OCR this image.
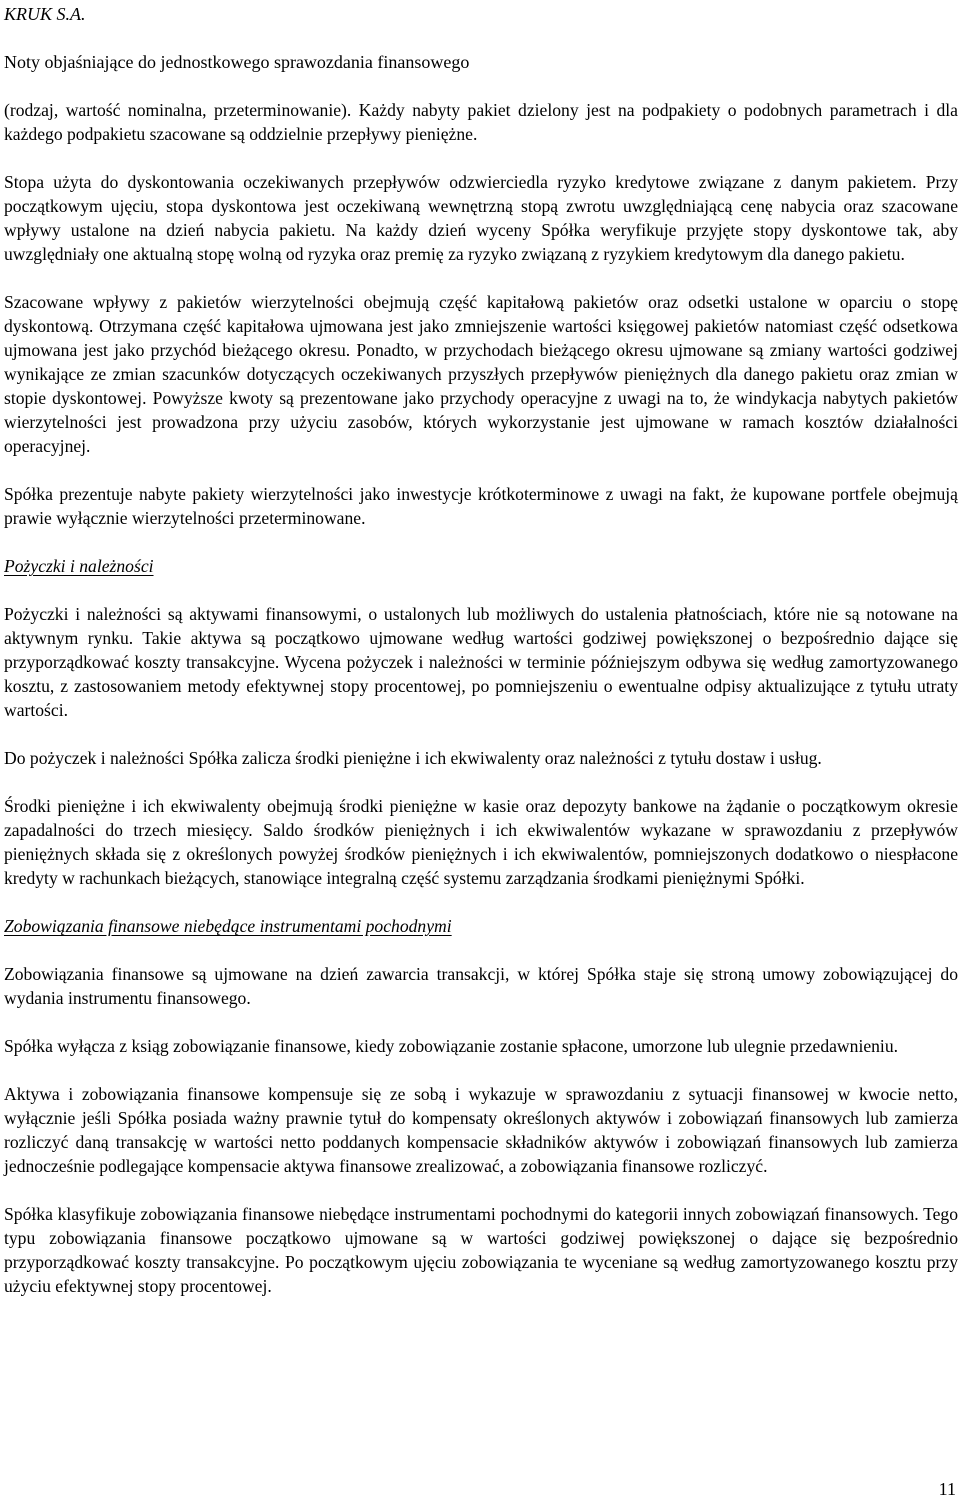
KRUK S.A.
Noty objaśniające do jednostkowego sprawozdania finansowego

(rodzaj, wartość nominalna, przeterminowanie). Każdy nabyty pakiet dzielony jest na podpakiety o podobnych parametrach i dla każdego podpakietu szacowane są oddzielnie przepływy pieniężne.

Stopa użyta do dyskontowania oczekiwanych przepływów odzwierciedla ryzyko kredytowe związane z danym pakietem. Przy początkowym ujęciu, stopa dyskontowa jest oczekiwaną wewnętrzną stopą zwrotu uwzględniającą cenę nabycia oraz szacowane wpływy ustalone na dzień nabycia pakietu. Na każdy dzień wyceny Spółka weryfikuje przyjęte stopy dyskontowe tak, aby uwzględniały one aktualną stopę wolną od ryzyka oraz premię za ryzyko związaną z ryzykiem kredytowym dla danego pakietu.

Szacowane wpływy z pakietów wierzytelności obejmują część kapitałową pakietów oraz odsetki ustalone w oparciu o stopę dyskontową. Otrzymana część kapitałowa ujmowana jest jako zmniejszenie wartości księgowej pakietów natomiast część odsetkowa ujmowana jest jako przychód bieżącego okresu. Ponadto, w przychodach bieżącego okresu ujmowane są zmiany wartości godziwej wynikające ze zmian szacunków dotyczących oczekiwanych przyszłych przepływów pieniężnych dla danego pakietu oraz zmian w stopie dyskontowej. Powyższe kwoty są prezentowane jako przychody operacyjne z uwagi na to, że windykacja nabytych pakietów wierzytelności jest prowadzona przy użyciu zasobów, których wykorzystanie jest ujmowane w ramach kosztów działalności operacyjnej.

Spółka prezentuje nabyte pakiety wierzytelności jako inwestycje krótkoterminowe z uwagi na fakt, że kupowane portfele obejmują prawie wyłącznie wierzytelności przeterminowane.

Pożyczki i należności

Pożyczki i należności są aktywami finansowymi, o ustalonych lub możliwych do ustalenia płatnościach, które nie są notowane na aktywnym rynku. Takie aktywa są początkowo ujmowane według wartości godziwej powiększonej o bezpośrednio dające się przyporządkować koszty transakcyjne. Wycena pożyczek i należności w terminie późniejszym odbywa się według zamortyzowanego kosztu, z zastosowaniem metody efektywnej stopy procentowej, po pomniejszeniu o ewentualne odpisy aktualizujące z tytułu utraty wartości.

Do pożyczek i należności Spółka zalicza środki pieniężne i ich ekwiwalenty oraz należności z tytułu dostaw i usług.

Środki pieniężne i ich ekwiwalenty obejmują środki pieniężne w kasie oraz depozyty bankowe na żądanie o początkowym okresie zapadalności do trzech miesięcy. Saldo środków pieniężnych i ich ekwiwalentów wykazane w sprawozdaniu z przepływów pieniężnych składa się z określonych powyżej środków pieniężnych i ich ekwiwalentów, pomniejszonych dodatkowo o niespłacone kredyty w rachunkach bieżących, stanowiące integralną część systemu zarządzania środkami pieniężnymi Spółki.

Zobowiązania finansowe niebędące instrumentami pochodnymi

Zobowiązania finansowe są ujmowane na dzień zawarcia transakcji, w której Spółka staje się stroną umowy zobowiązującej do wydania instrumentu finansowego.

Spółka wyłącza z ksiąg zobowiązanie finansowe, kiedy zobowiązanie zostanie spłacone, umorzone lub ulegnie przedawnieniu.

Aktywa i zobowiązania finansowe kompensuje się ze sobą i wykazuje w sprawozdaniu z sytuacji finansowej w kwocie netto, wyłącznie jeśli Spółka posiada ważny prawnie tytuł do kompensaty określonych aktywów i zobowiązań finansowych lub zamierza rozliczyć daną transakcję w wartości netto poddanych kompensacie składników aktywów i zobowiązań finansowych lub zamierza jednocześnie podlegające kompensacie aktywa finansowe zrealizować, a zobowiązania finansowe rozliczyć.

Spółka klasyfikuje zobowiązania finansowe niebędące instrumentami pochodnymi do kategorii innych zobowiązań finansowych. Tego typu zobowiązania finansowe początkowo ujmowane są w wartości godziwej powiększonej o dające się bezpośrednio przyporządkować koszty transakcyjne. Po początkowym ujęciu zobowiązania te wyceniane są według zamortyzowanego kosztu przy użyciu efektywnej stopy procentowej.

11
